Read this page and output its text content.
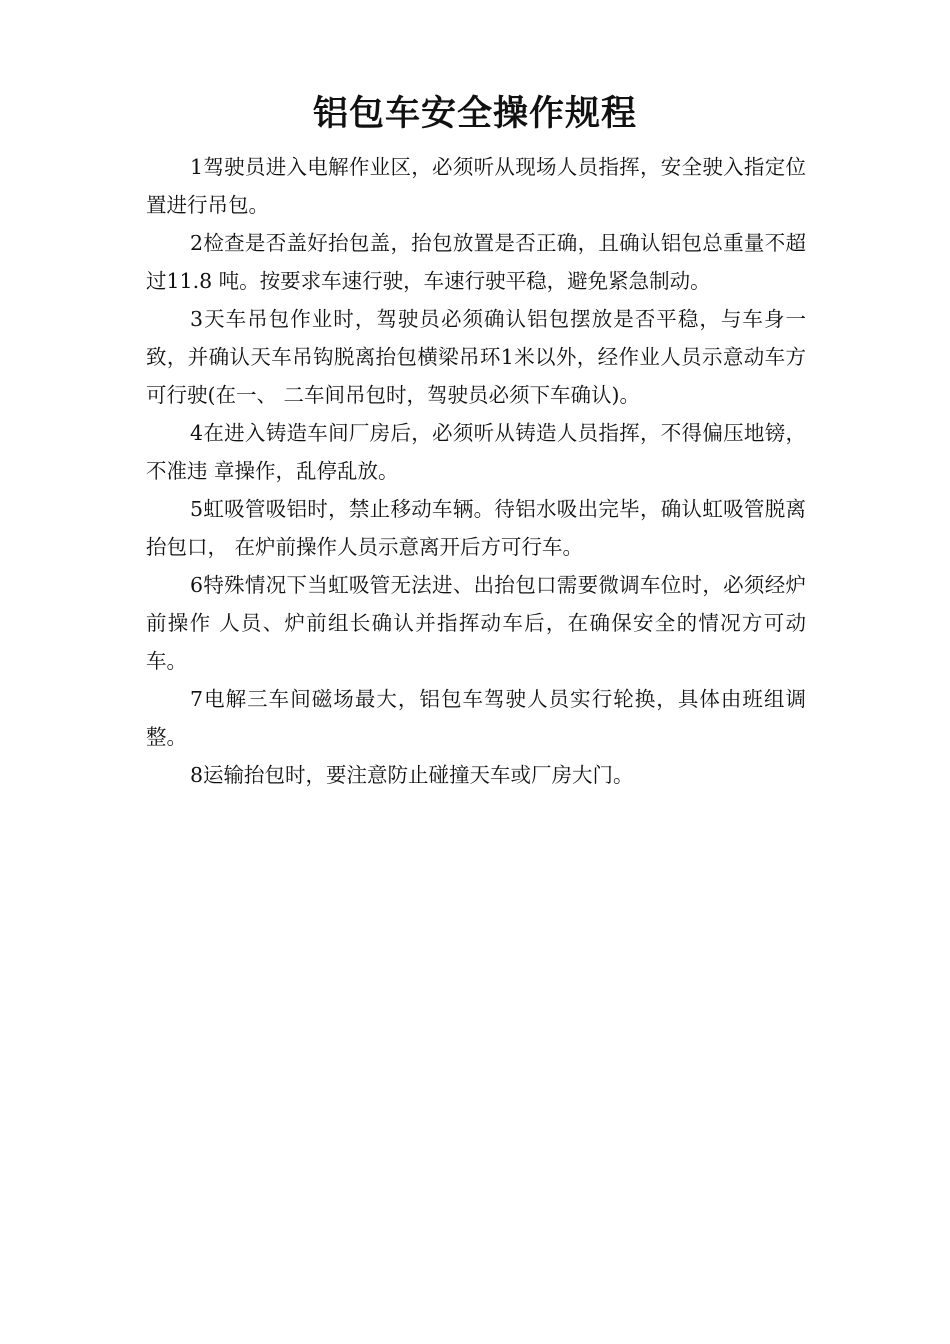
铝包车安全操作规程

1驾驶员进入电解作业区，必须听从现场人员指挥，安全驶入指定位置进行吊包。

2检查是否盖好抬包盖，抬包放置是否正确，且确认铝包总重量不超过11.8 吨。按要求车速行驶，车速行驶平稳，避免紧急制动。

3天车吊包作业时，驾驶员必须确认铝包摆放是否平稳，与车身一致，并确认天车吊钩脱离抬包横梁吊环1米以外，经作业人员示意动车方可行驶(在一、 二车间吊包时，驾驶员必须下车确认)。

4在进入铸造车间厂房后，必须听从铸造人员指挥，不得偏压地镑，不准违 章操作，乱停乱放。

5虹吸管吸铝时，禁止移动车辆。待铝水吸出完毕，确认虹吸管脱离抬包口， 在炉前操作人员示意离开后方可行车。

6特殊情况下当虹吸管无法进、出抬包口需要微调车位时，必须经炉前操作 人员、炉前组长确认并指挥动车后，在确保安全的情况方可动车。

7电解三车间磁场最大，铝包车驾驶人员实行轮换，具体由班组调整。

8运输抬包时，要注意防止碰撞天车或厂房大门。
